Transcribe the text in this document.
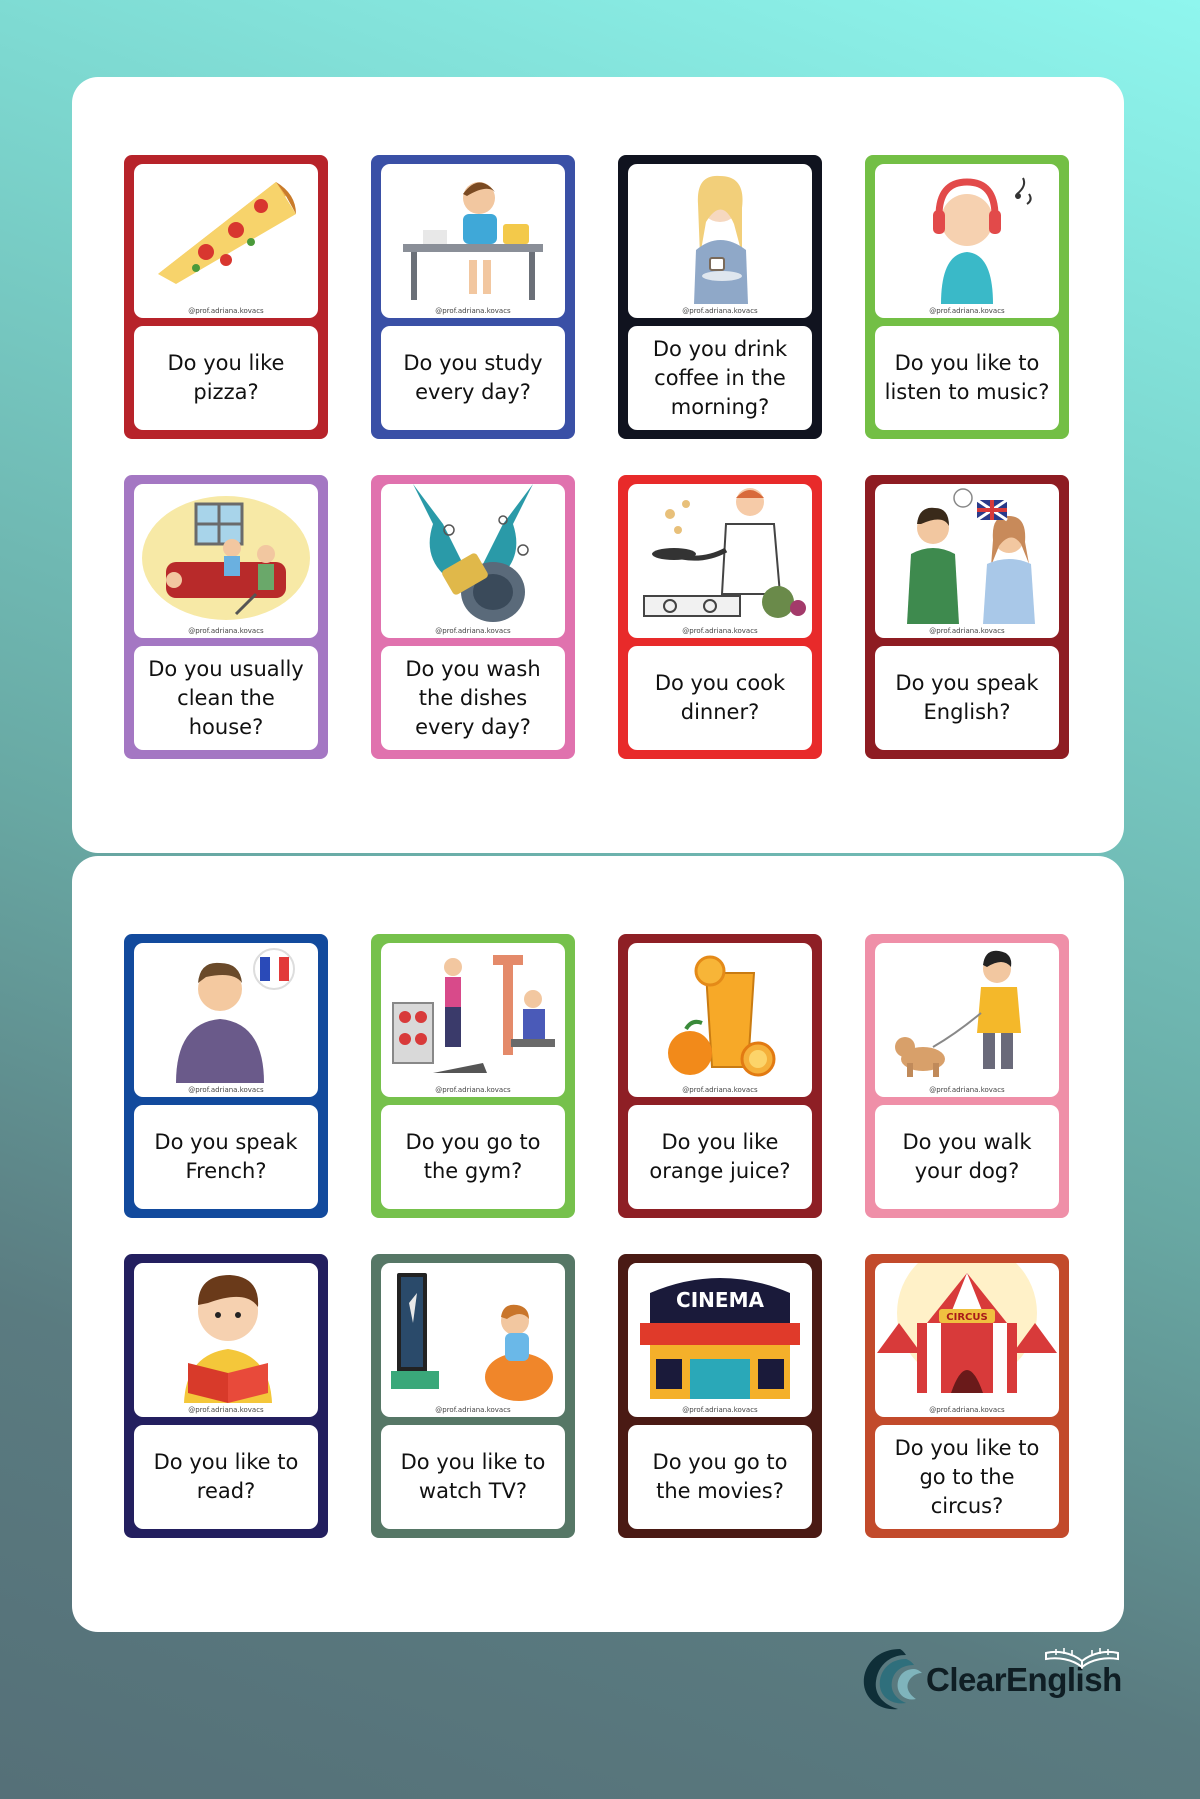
@prof.adriana.kovacs
Do you like
pizza?
@prof.adriana.kovacs
Do you study
every day?
@prof.adriana.kovacs
Do you drink
coffee in the
morning?
@prof.adriana.kovacs
Do you like to
listen to music?
@prof.adriana.kovacs
Do you usually
clean the
house?
@prof.adriana.kovacs
Do you wash
the dishes
every day?
@prof.adriana.kovacs
Do you cook
dinner?
@prof.adriana.kovacs
Do you speak
English?
@prof.adriana.kovacs
Do you speak
French?
@prof.adriana.kovacs
Do you go to
the gym?
@prof.adriana.kovacs
Do you like
orange juice?
@prof.adriana.kovacs
Do you walk
your dog?
@prof.adriana.kovacs
Do you like to
read?
@prof.adriana.kovacs
Do you like to
watch TV?
CINEMA
@prof.adriana.kovacs
Do you go to
the movies?
CIRCUS
@prof.adriana.kovacs
Do you like to
go to the
circus?
ClearEnglish
